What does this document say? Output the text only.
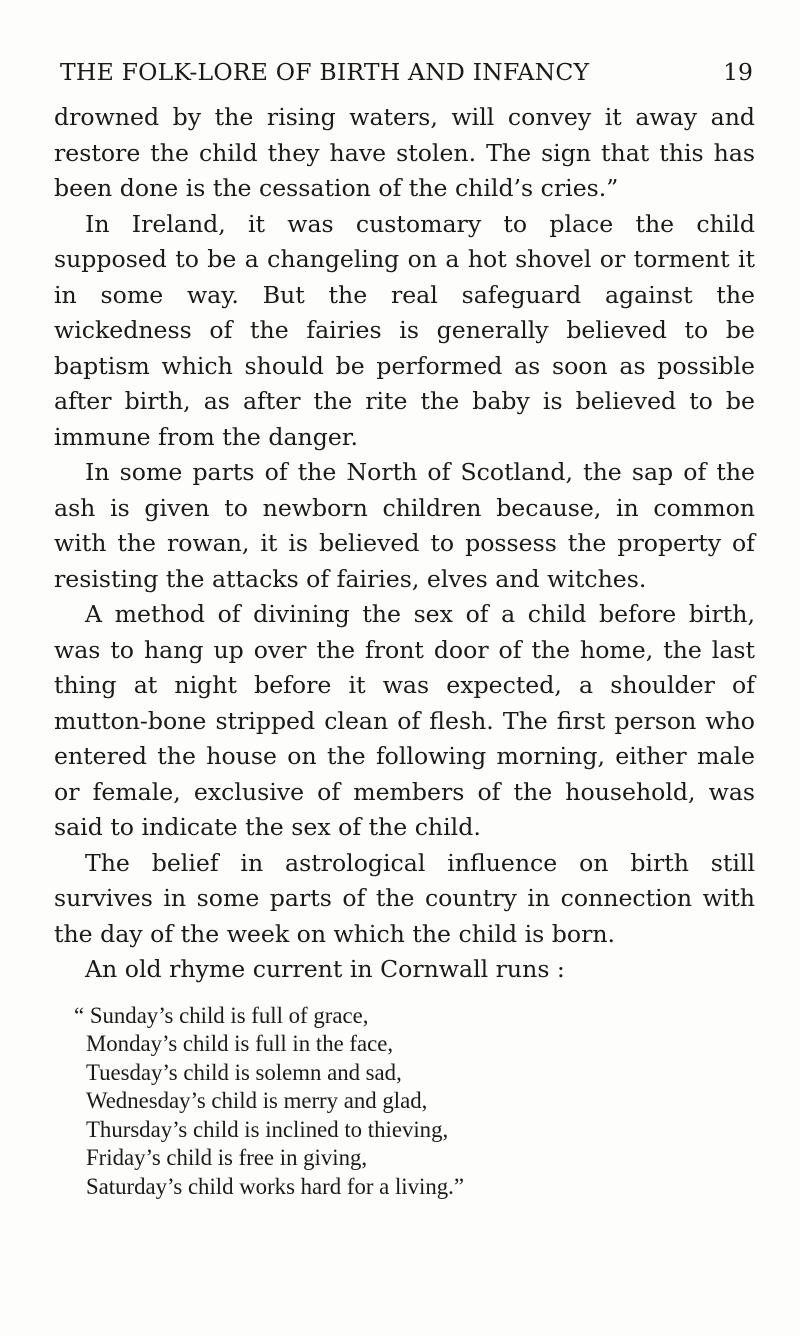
THE FOLK-LORE OF BIRTH AND INFANCY	19

drowned by the rising waters, will convey it away and restore the child they have stolen. The sign that this has been done is the cessation of the child’s cries.”

In Ireland, it was customary to place the child supposed to be a changeling on a hot shovel or torment it in some way. But the real safeguard against the wickedness of the fairies is generally believed to be baptism which should be performed as soon as possible after birth, as after the rite the baby is believed to be immune from the danger.

In some parts of the North of Scotland, the sap of the ash is given to newborn children because, in common with the rowan, it is believed to possess the property of resisting the attacks of fairies, elves and witches.

A method of divining the sex of a child before birth, was to hang up over the front door of the home, the last thing at night before it was expected, a shoulder of mutton-bone stripped clean of flesh. The first person who entered the house on the following morning, either male or female, exclusive of members of the household, was said to indicate the sex of the child.

The belief in astrological influence on birth still survives in some parts of the country in connection with the day of the week on which the child is born.

An old rhyme current in Cornwall runs :

“ Sunday’s child is full of grace,
Monday’s child is full in the face,
Tuesday’s child is solemn and sad,
Wednesday’s child is merry and glad,
Thursday’s child is inclined to thieving,
Friday’s child is free in giving,
Saturday’s child works hard for a living.”
